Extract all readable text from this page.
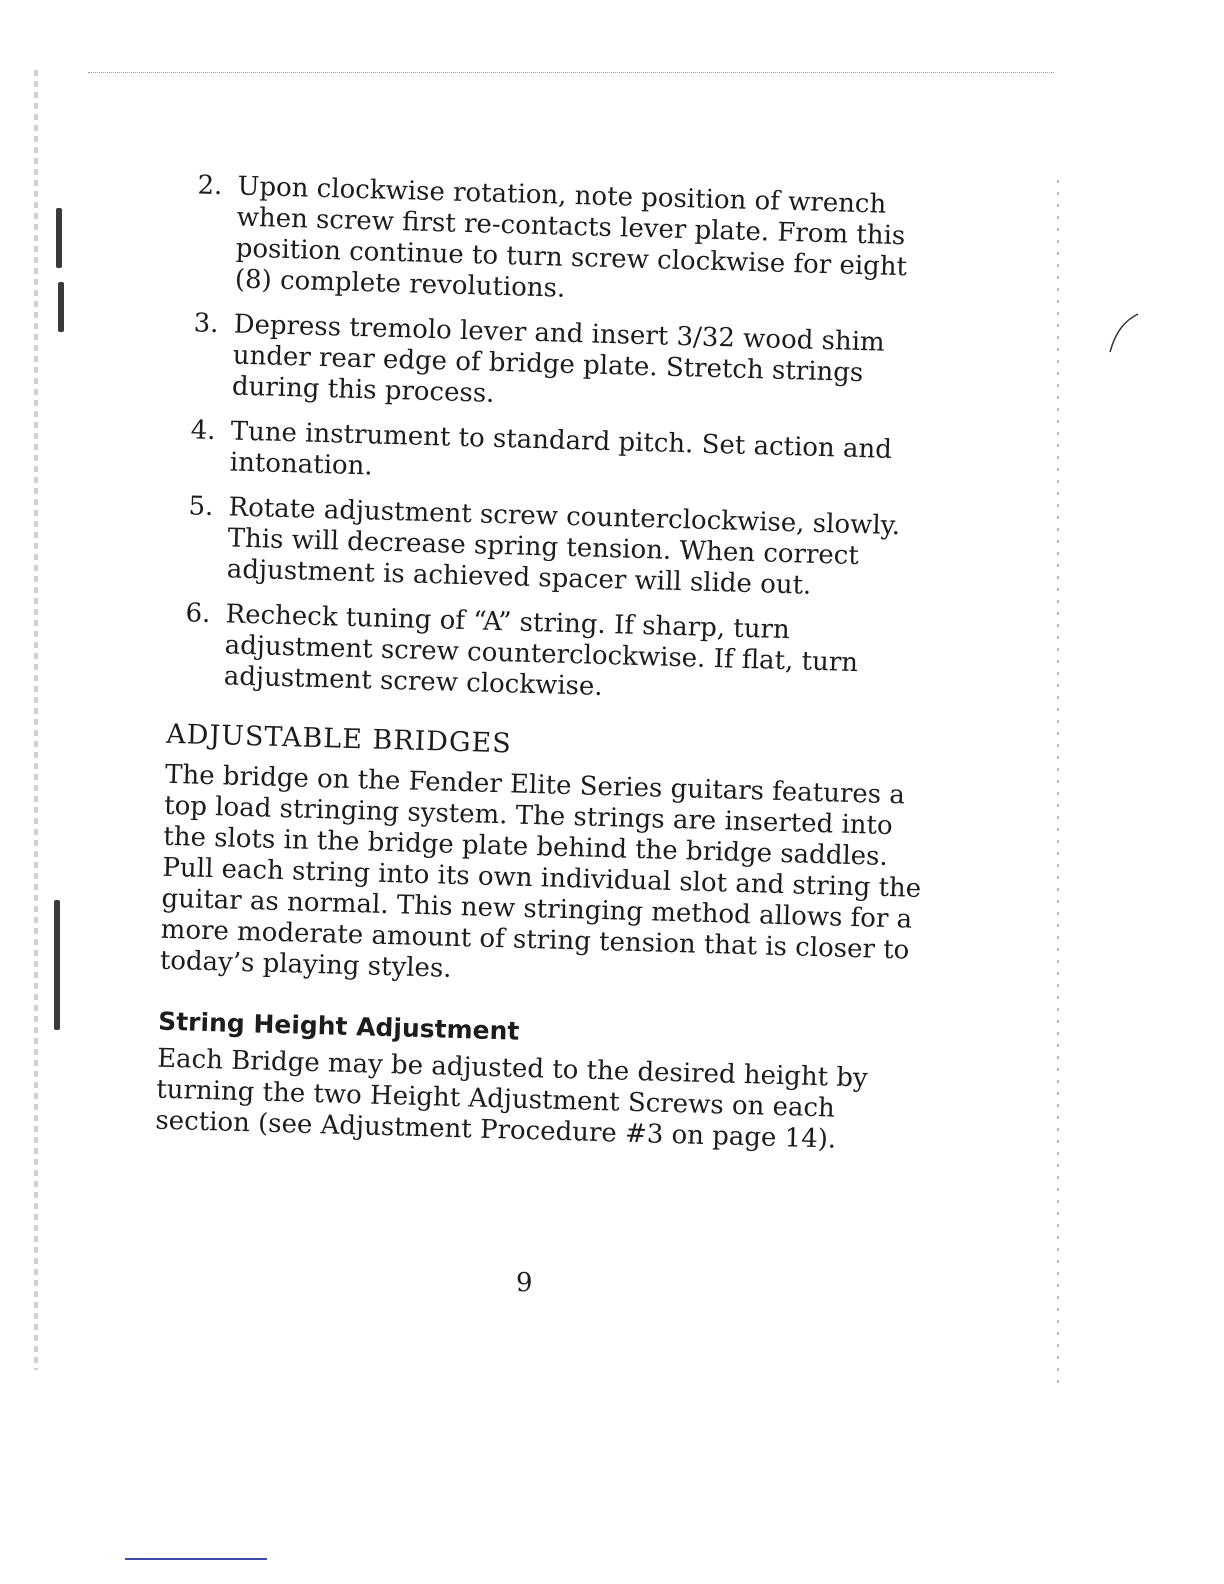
2. Upon clockwise rotation, note position of wrench when screw first re-contacts lever plate. From this position continue to turn screw clockwise for eight (8) complete revolutions.
3. Depress tremolo lever and insert 3/32 wood shim under rear edge of bridge plate. Stretch strings during this process.
4. Tune instrument to standard pitch. Set action and intonation.
5. Rotate adjustment screw counterclockwise, slowly. This will decrease spring tension. When correct adjustment is achieved spacer will slide out.
6. Recheck tuning of “A” string. If sharp, turn adjustment screw counterclockwise. If flat, turn adjustment screw clockwise.
ADJUSTABLE BRIDGES

The bridge on the Fender Elite Series guitars features a top load stringing system. The strings are inserted into the slots in the bridge plate behind the bridge saddles. Pull each string into its own individual slot and string the guitar as normal. This new stringing method allows for a more moderate amount of string tension that is closer to today’s playing styles.

String Height Adjustment

Each Bridge may be adjusted to the desired height by turning the two Height Adjustment Screws on each section (see Adjustment Procedure #3 on page 14).

9
